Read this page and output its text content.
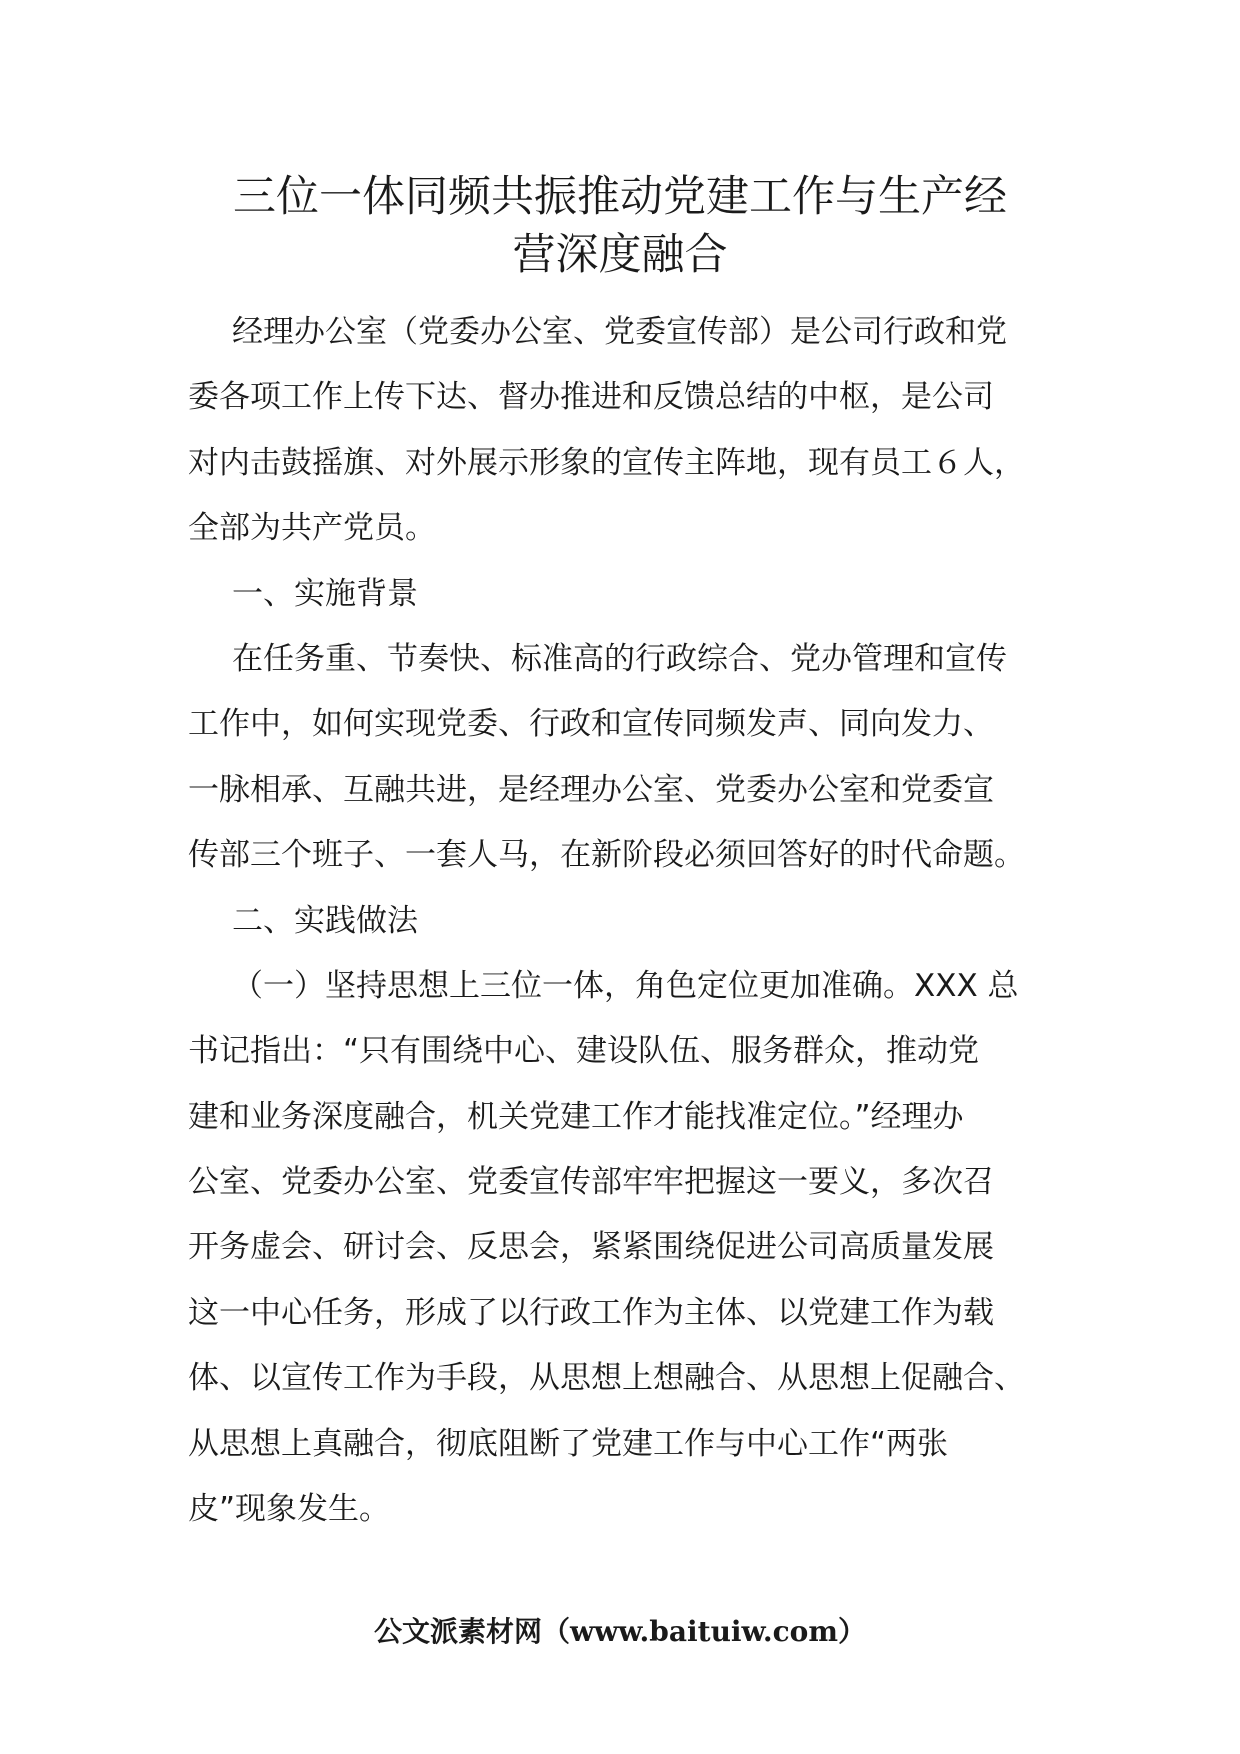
三位一体同频共振推动党建工作与生产经
营深度融合
经理办公室（党委办公室、党委宣传部）是公司行政和党
委各项工作上传下达、督办推进和反馈总结的中枢，是公司
对内击鼓摇旗、对外展示形象的宣传主阵地，现有员工６人，
全部为共产党员。
一、实施背景
在任务重、节奏快、标准高的行政综合、党办管理和宣传
工作中，如何实现党委、行政和宣传同频发声、同向发力、
一脉相承、互融共进，是经理办公室、党委办公室和党委宣
传部三个班子、一套人马，在新阶段必须回答好的时代命题。
二、实践做法
（一）坚持思想上三位一体，角色定位更加准确。XXX 总
书记指出：“只有围绕中心、建设队伍、服务群众，推动党
建和业务深度融合，机关党建工作才能找准定位。”经理办
公室、党委办公室、党委宣传部牢牢把握这一要义，多次召
开务虚会、研讨会、反思会，紧紧围绕促进公司高质量发展
这一中心任务，形成了以行政工作为主体、以党建工作为载
体、以宣传工作为手段，从思想上想融合、从思想上促融合、
从思想上真融合，彻底阻断了党建工作与中心工作“两张
皮”现象发生。
公文派素材网（www.baituiw.com）
